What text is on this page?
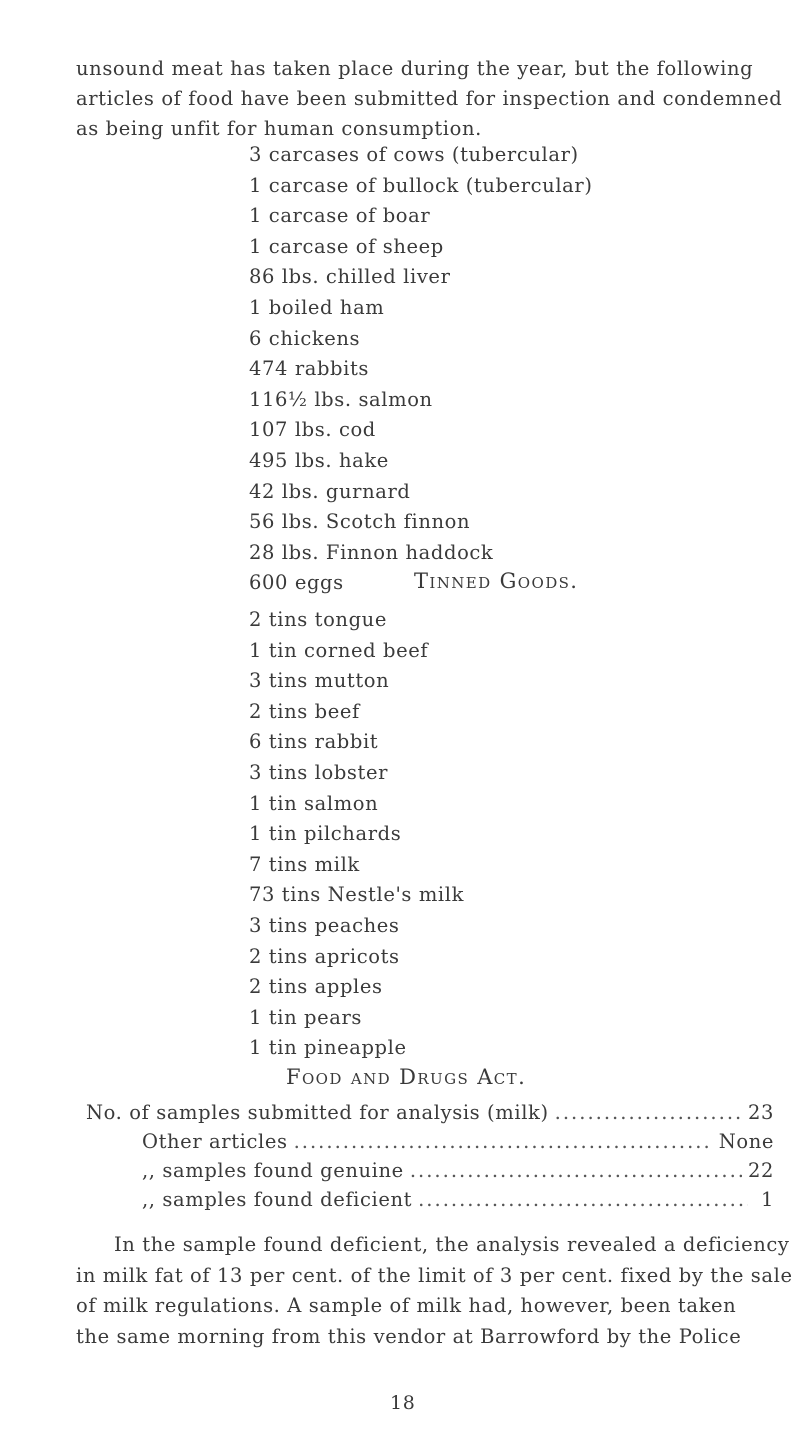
unsound meat has taken place during the year, but the following
articles of food have been submitted for inspection and condemned
as being unfit for human consumption.
3 carcases of cows (tubercular)
1 carcase of bullock (tubercular)
1 carcase of boar
1 carcase of sheep
86 lbs. chilled liver
1 boiled ham
6 chickens
474 rabbits
116½ lbs. salmon
107 lbs. cod
495 lbs. hake
42 lbs. gurnard
56 lbs. Scotch finnon
28 lbs. Finnon haddock
600 eggs	Tinned Goods.
2 tins tongue
1 tin corned beef
3 tins mutton
2 tins beef
6 tins rabbit
3 tins lobster
1 tin salmon
1 tin pilchards
7 tins milk
73 tins Nestle's milk
3 tins peaches
2 tins apricots
2 tins apples
1 tin pears
1 tin pineapple
Food and Drugs Act.
No. of samples submitted for analysis (milk) .....	23
Other articles .....	None
,, samples found genuine .....	22
,, samples found deficient .....	1
In the sample found deficient, the analysis revealed a deficiency
in milk fat of 13 per cent. of the limit of 3 per cent. fixed by the sale
of milk regulations. A sample of milk had, however, been taken
the same morning from this vendor at Barrowford by the Police
18
